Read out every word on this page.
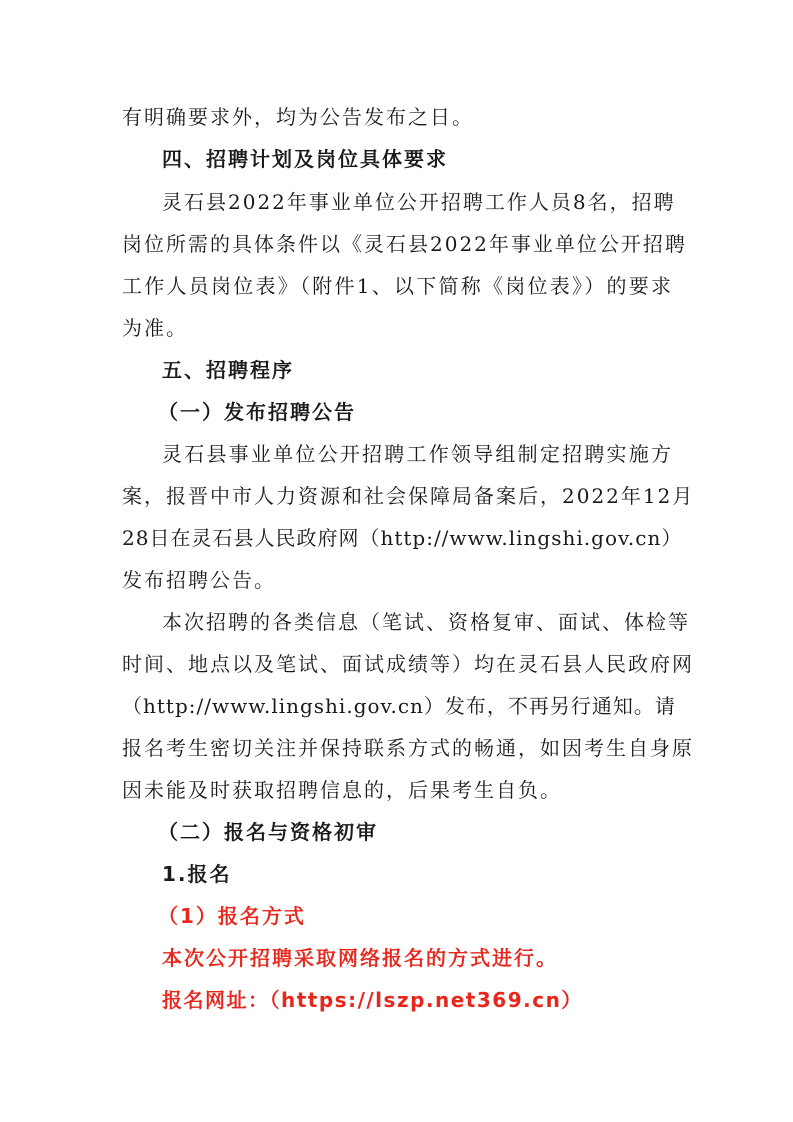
有明确要求外，均为公告发布之日。
四、招聘计划及岗位具体要求
灵石县2022年事业单位公开招聘工作人员8名，招聘
岗位所需的具体条件以《灵石县2022年事业单位公开招聘
工作人员岗位表》（附件1、以下简称《岗位表》）的要求
为准。
五、招聘程序
（一）发布招聘公告
灵石县事业单位公开招聘工作领导组制定招聘实施方
案，报晋中市人力资源和社会保障局备案后，2022年12月
28日在灵石县人民政府网（http://www.lingshi.gov.cn）
发布招聘公告。
本次招聘的各类信息（笔试、资格复审、面试、体检等
时间、地点以及笔试、面试成绩等）均在灵石县人民政府网
（http://www.lingshi.gov.cn）发布，不再另行通知。请
报名考生密切关注并保持联系方式的畅通，如因考生自身原
因未能及时获取招聘信息的，后果考生自负。
（二）报名与资格初审
1.报名
（1）报名方式
本次公开招聘采取网络报名的方式进行。
报名网址：（https://lszp.net369.cn）
